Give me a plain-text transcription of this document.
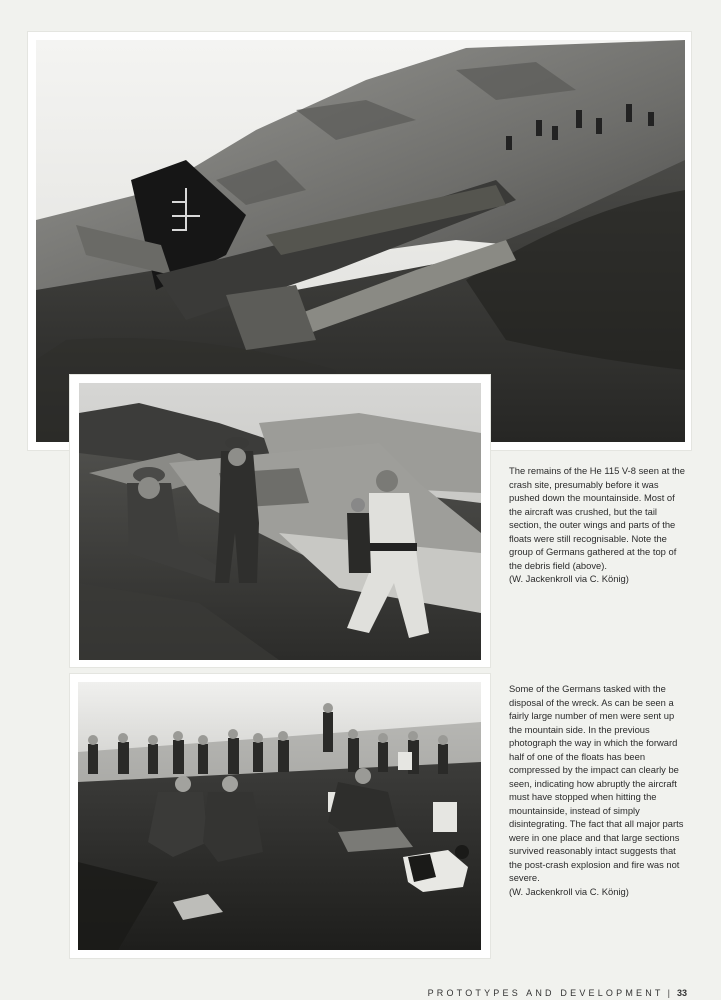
The remains of the He 115 V-8 seen at the crash site, presumably before it was pushed down the mountainside. Most of the aircraft was crushed, but the tail section, the outer wings and parts of the floats were still recognisable. Note the group of Germans gathered at the top of the debris field (above).

(W. Jackenkroll via C. König)

Some of the Germans tasked with the disposal of the wreck. As can be seen a fairly large number of men were sent up the mountain side. In the previous photograph the way in which the forward half of one of the floats has been compressed by the impact can clearly be seen, indicating how abruptly the aircraft must have stopped when hitting the mountainside, instead of simply disintegrating. The fact that all major parts were in one place and that large sections survived reasonably intact suggests that the post-crash explosion and fire was not severe.

(W. Jackenkroll via C. König)

PROTOTYPES AND DEVELOPMENT | 33
